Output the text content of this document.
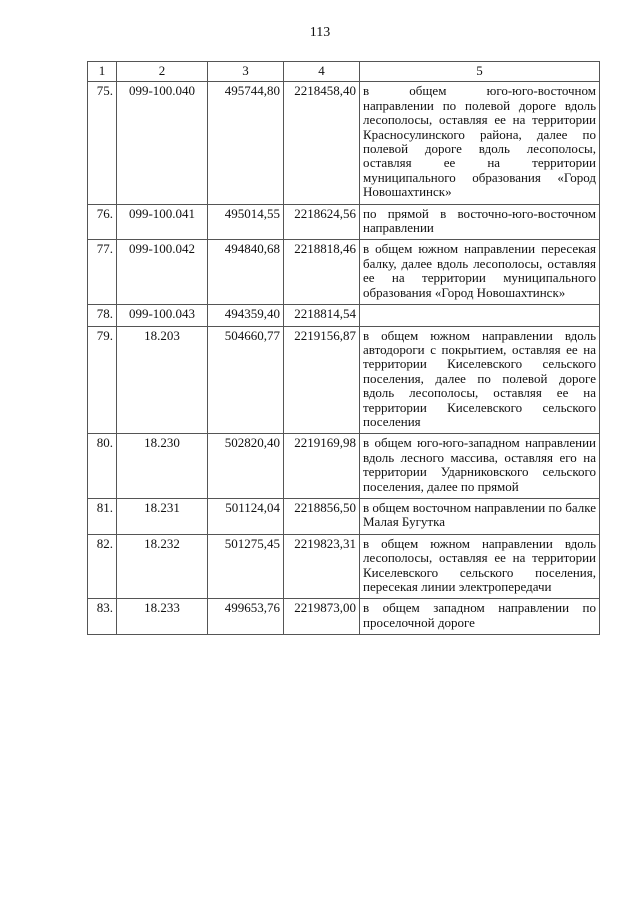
113
1	2	3	4	5
75.	099-100.040	495744,80	2218458,40	в общем юго-юго-восточном направлении по полевой дороге вдоль лесополосы, оставляя ее на территории Красносулинского района, далее по полевой дороге вдоль лесополосы, оставляя ее на территории муниципального образования «Город Новошахтинск»
76.	099-100.041	495014,55	2218624,56	по прямой в восточно-юго-восточном направлении
77.	099-100.042	494840,68	2218818,46	в общем южном направлении пересекая балку, далее вдоль лесополосы, оставляя ее на территории муниципального образования «Город Новошахтинск»
78.	099-100.043	494359,40	2218814,54	
79.	18.203	504660,77	2219156,87	в общем южном направлении вдоль автодороги с покрытием, оставляя ее на территории Киселевского сельского поселения, далее по полевой дороге вдоль лесополосы, оставляя ее на территории Киселевского сельского поселения
80.	18.230	502820,40	2219169,98	в общем юго-юго-западном направлении вдоль лесного массива, оставляя его на территории Ударниковского сельского поселения, далее по прямой
81.	18.231	501124,04	2218856,50	в общем восточном направлении по балке Малая Бугутка
82.	18.232	501275,45	2219823,31	в общем южном направлении вдоль лесополосы, оставляя ее на территории Киселевского сельского поселения, пересекая линии электропередачи
83.	18.233	499653,76	2219873,00	в общем западном направлении по проселочной дороге
